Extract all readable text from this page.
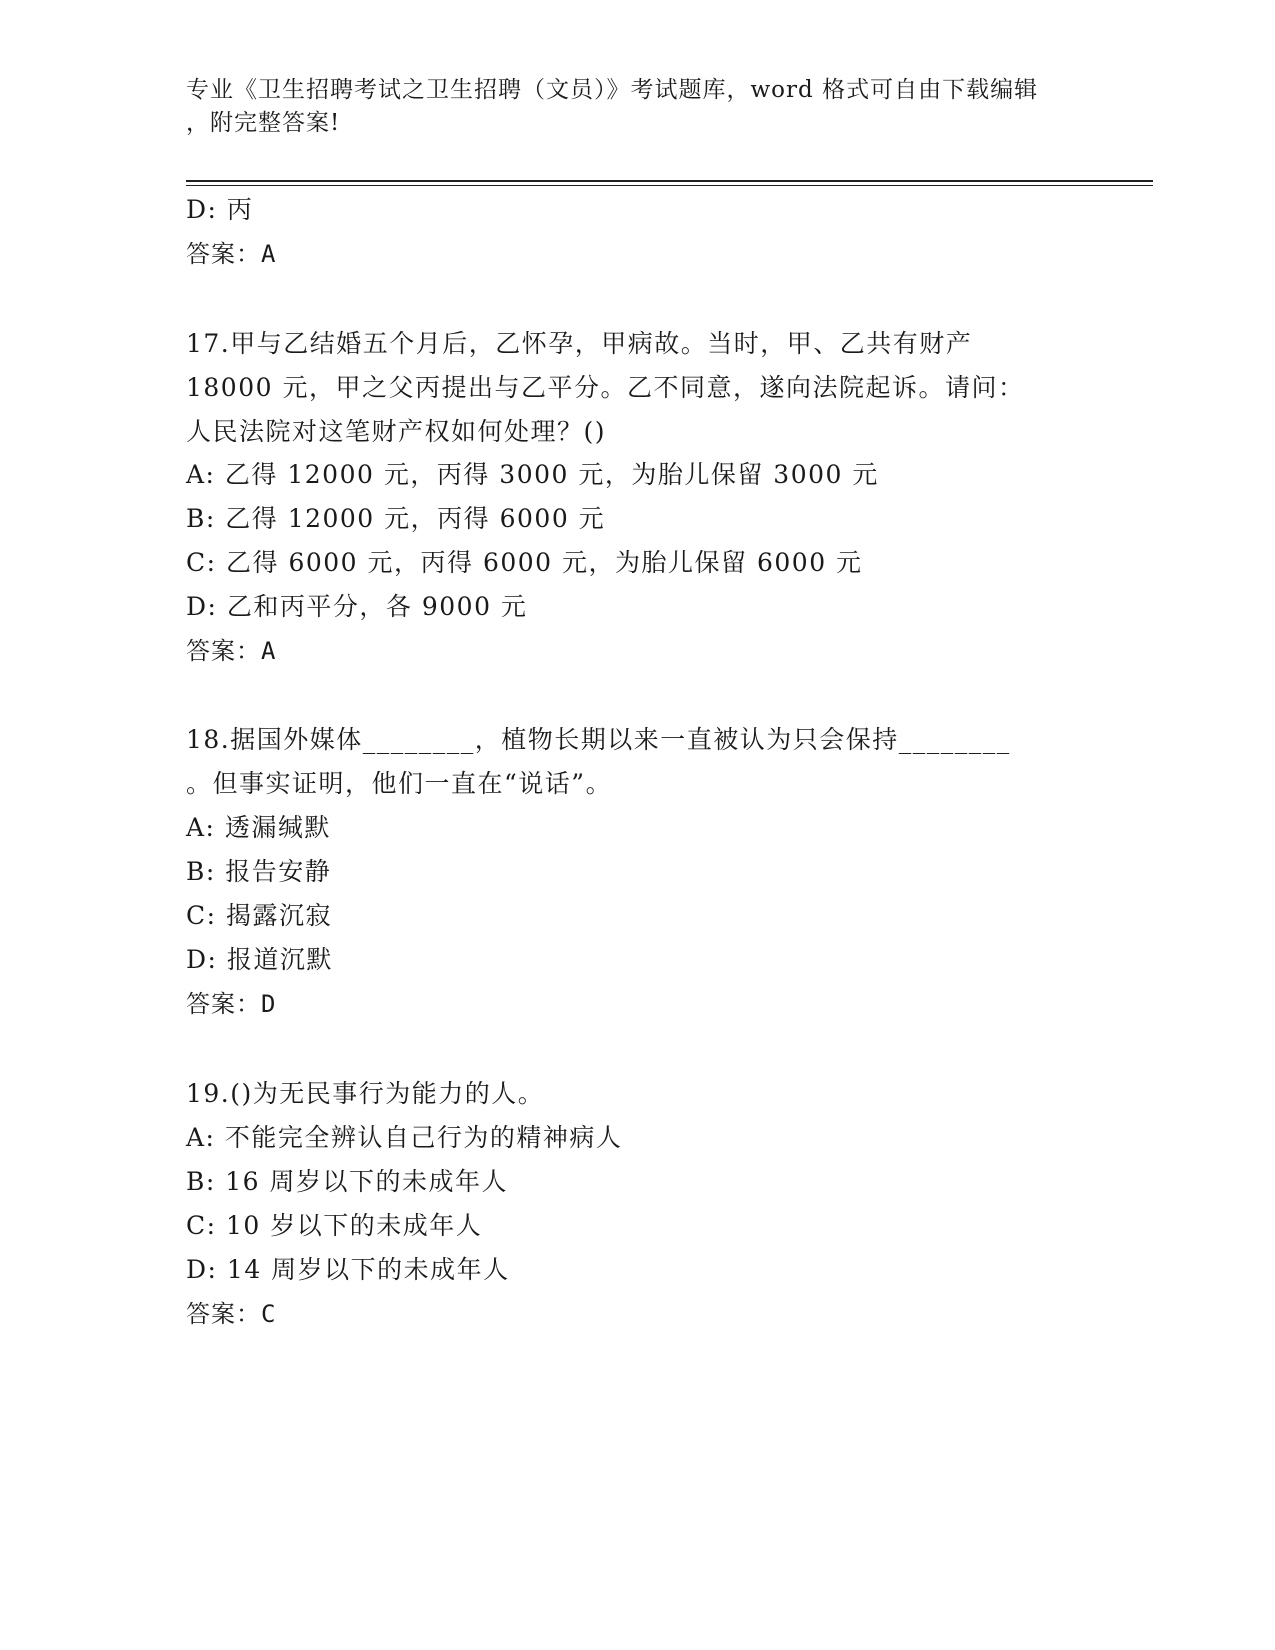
专业《卫生招聘考试之卫生招聘（文员）》考试题库，word 格式可自由下载编辑
，附完整答案!
D: 丙
答案：A
17.甲与乙结婚五个月后，乙怀孕，甲病故。当时，甲、乙共有财产
18000 元，甲之父丙提出与乙平分。乙不同意，遂向法院起诉。请问：
人民法院对这笔财产权如何处理？()
A: 乙得 12000 元，丙得 3000 元，为胎儿保留 3000 元
B: 乙得 12000 元，丙得 6000 元
C: 乙得 6000 元，丙得 6000 元，为胎儿保留 6000 元
D: 乙和丙平分，各 9000 元
答案：A
18.据国外媒体________，植物长期以来一直被认为只会保持________
。但事实证明，他们一直在“说话”。
A: 透漏缄默
B: 报告安静
C: 揭露沉寂
D: 报道沉默
答案：D
19.()为无民事行为能力的人。
A: 不能完全辨认自己行为的精神病人
B: 16 周岁以下的未成年人
C: 10 岁以下的未成年人
D: 14 周岁以下的未成年人
答案：C
